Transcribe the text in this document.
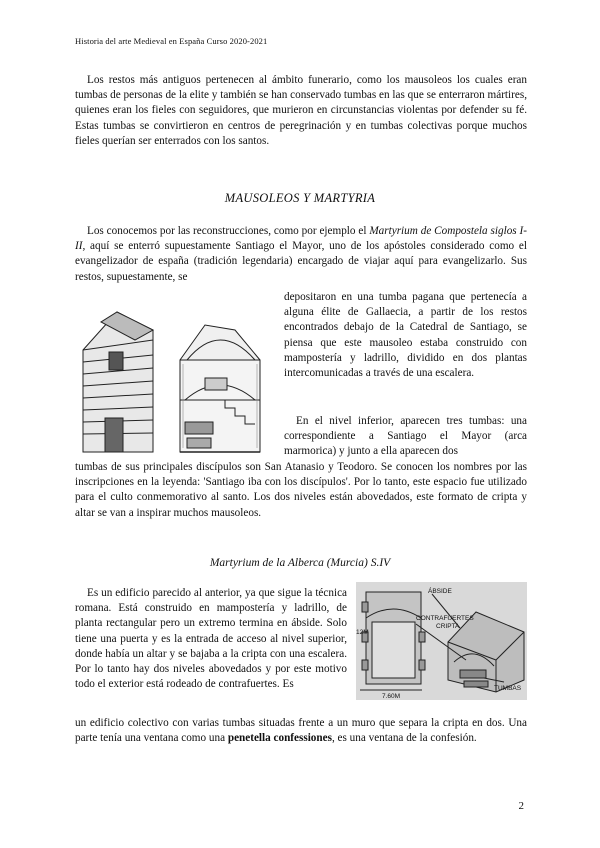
Historia del arte Medieval en España Curso 2020-2021

Los restos más antiguos pertenecen al ámbito funerario, como los mausoleos los cuales eran tumbas de personas de la elite y también se han conservado tumbas en las que se enterraron mártires, quienes eran los fieles con seguidores, que murieron en circunstancias violentas por defender su fé. Estas tumbas se convirtieron en centros de peregrinación y en tumbas colectivas porque muchos fieles querían ser enterrados con los santos.

MAUSOLEOS Y MARTYRIA

Los conocemos por las reconstrucciones, como por ejemplo el Martyrium de Compostela siglos I-II, aquí se enterró supuestamente Santiago el Mayor, uno de los apóstoles considerado como el evangelizador de españa (tradición legendaria) encargado de viajar aquí para evangelizarlo. Sus restos, supuestamente, se

depositaron en una tumba pagana que pertenecía a alguna élite de Gallaecia, a partir de los restos encontrados debajo de la Catedral de Santiago, se piensa que este mausoleo estaba construido con mampostería y ladrillo, dividido en dos plantas intercomunicadas a través de una escalera.

En el nivel inferior, aparecen tres tumbas: una correspondiente a Santiago el Mayor (arca marmorica) y junto a ella aparecen dos

tumbas de sus principales discípulos son San Atanasio y Teodoro. Se conocen los nombres por las inscripciones en la leyenda: 'Santiago iba con los discípulos'. Por lo tanto, este espacio fue utilizado para el culto conmemorativo al santo. Los dos niveles están abovedados, este formato de cripta y altar se van a inspirar muchos mausoleos.

Martyrium de la Alberca (Murcia) S.IV

Es un edificio parecido al anterior, ya que sigue la técnica romana. Está construido en mampostería y ladrillo, de planta rectangular pero un extremo termina en ábside. Solo tiene una puerta y es la entrada de acceso al nivel superior, donde había un altar y se bajaba a la cripta con una escalera. Por lo tanto hay dos niveles abovedados y por este motivo todo el exterior está rodeado de contrafuertes. Es

ÁBSIDE
CONTRAFUERTES
CRIPTA
TUMBAS
12M
7.60M

un edificio colectivo con varias tumbas situadas frente a un muro que separa la cripta en dos. Una parte tenía una ventana como una penetella confessiones, es una ventana de la confesión.

2
